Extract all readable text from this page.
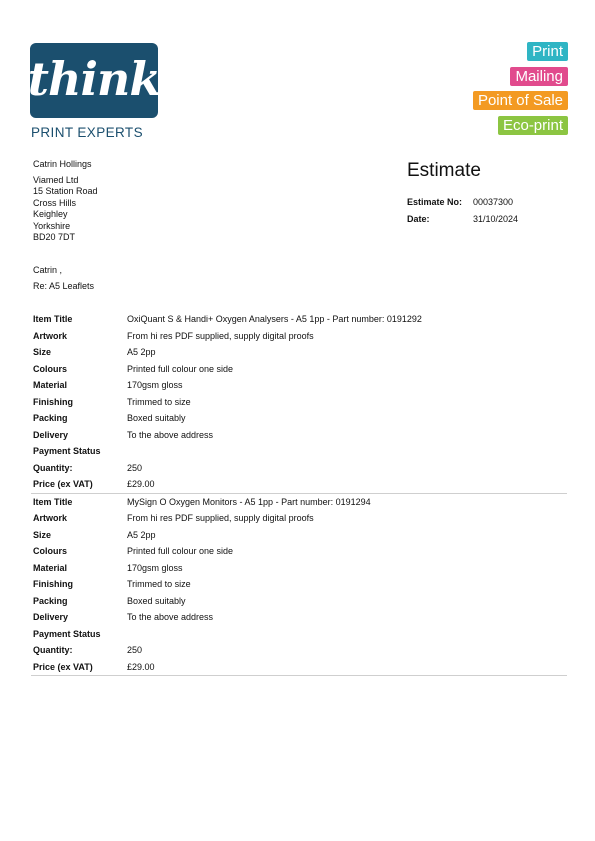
think
PRINT EXPERTS
Print
Mailing
Point of Sale
Eco-print
Catrin Hollings
Viamed Ltd
15 Station Road
Cross Hills
Keighley
Yorkshire
BD20 7DT
Estimate
Estimate No:	00037300
Date:	31/10/2024
Catrin ,
Re: A5 Leaflets
Item Title	OxiQuant S & Handi+ Oxygen Analysers - A5 1pp - Part number: 0191292
Artwork	From hi res PDF supplied, supply digital proofs
Size	A5 2pp
Colours	Printed full colour one side
Material	170gsm gloss
Finishing	Trimmed to size
Packing	Boxed suitably
Delivery	To the above address
Payment Status
Quantity:	250
Price (ex VAT)	£29.00
Item Title	MySign O Oxygen Monitors - A5 1pp - Part number: 0191294
Artwork	From hi res PDF supplied, supply digital proofs
Size	A5 2pp
Colours	Printed full colour one side
Material	170gsm gloss
Finishing	Trimmed to size
Packing	Boxed suitably
Delivery	To the above address
Payment Status
Quantity:	250
Price (ex VAT)	£29.00
